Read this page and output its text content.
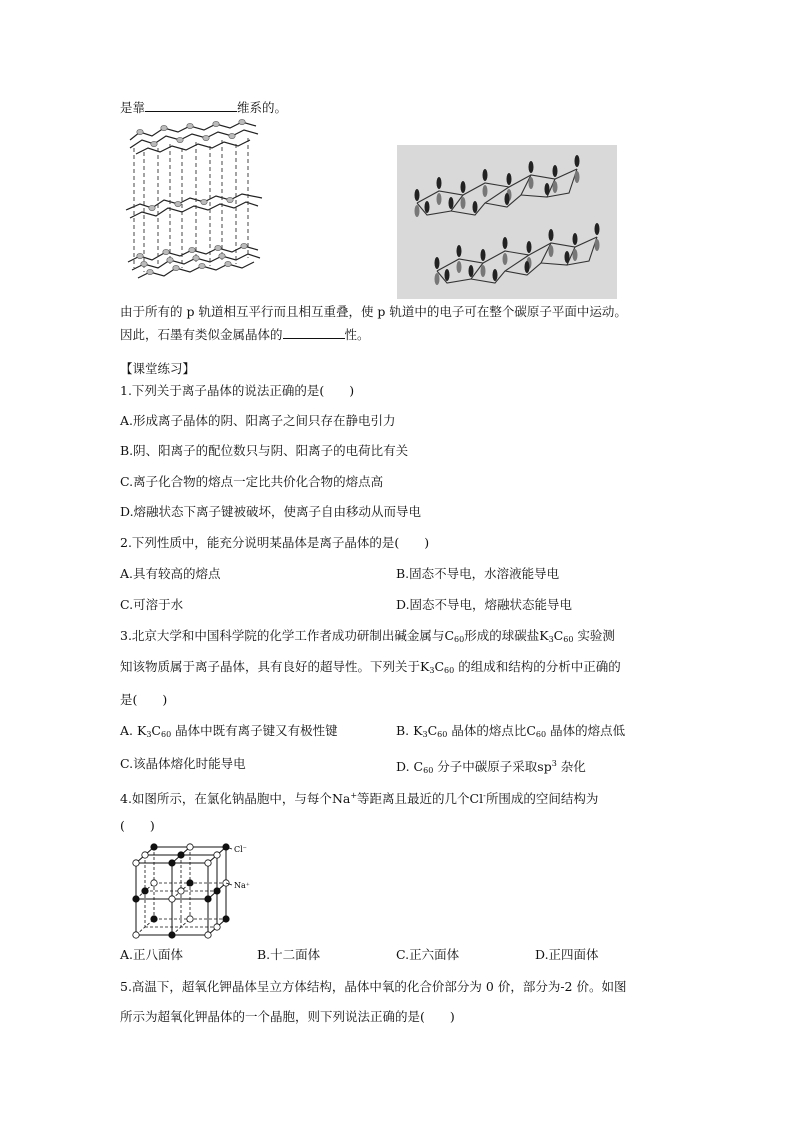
是靠	维系的。
由于所有的 p 轨道相互平行而且相互重叠，使 p 轨道中的电子可在整个碳原子平面中运动。
因此，石墨有类似金属晶体的	性。
【课堂练习】
1.下列关于离子晶体的说法正确的是(　　)
A.形成离子晶体的阴、阳离子之间只存在静电引力
B.阴、阳离子的配位数只与阴、阳离子的电荷比有关
C.离子化合物的熔点一定比共价化合物的熔点高
D.熔融状态下离子键被破坏，使离子自由移动从而导电
2.下列性质中，能充分说明某晶体是离子晶体的是(　　)
A.具有较高的熔点	B.固态不导电，水溶液能导电
C.可溶于水	D.固态不导电，熔融状态能导电
3.北京大学和中国科学院的化学工作者成功研制出碱金属与$C_{60}$形成的球碳盐$K_3C_{60}$ 实验测
知该物质属于离子晶体，具有良好的超导性。下列关于$K_3C_{60}$ 的组成和结构的分析中正确的
是(　　)
A. $K_3C_{60}$ 晶体中既有离子键又有极性键	B. $K_3C_{60}$ 晶体的熔点比$C_{60}$ 晶体的熔点低
C.该晶体熔化时能导电	D. $C_{60}$ 分子中碳原子采取$sp^3$ 杂化
4.如图所示，在氯化钠晶胞中，与每个Na+等距离且最近的几个Cl-所围成的空间结构为
(　　)
Cl⁻
Na⁺
A.正八面体	B.十二面体	C.正六面体	D.正四面体
5.高温下，超氧化钾晶体呈立方体结构，晶体中氧的化合价部分为 0 价，部分为-2 价。如图
所示为超氧化钾晶体的一个晶胞，则下列说法正确的是(　　)
